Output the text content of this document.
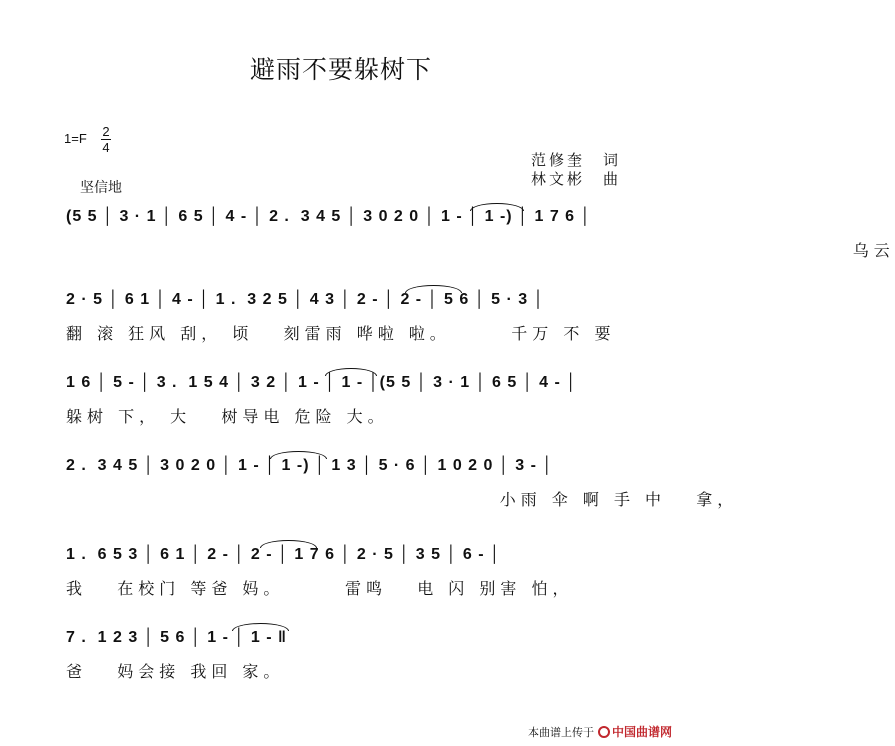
避雨不要躲树下
1=F 2
4
坚信地
范修奎　词
林文彬　曲
(5 5 │ 3 · 1 │ 6 5 │ 4 - │ 2 .  3 4 5 │ 3 0 2 0 │ 1 - │ 1 -) │ 1 7 6 │
乌云
2 · 5 │ 6 1 │ 4 - │ 1 .  3 2 5 │ 4 3 │ 2 - │ 2 - │ 5 6 │ 5 · 3 │
翻 滚 狂风 刮， 顷   刻雷雨 哗啦 啦。      千万 不 要
1 6 │ 5 - │ 3 .  1 5 4 │ 3 2 │ 1 - │ 1 - │(5 5 │ 3 · 1 │ 6 5 │ 4 - │
躲树 下， 大   树导电 危险 大。
2 .  3 4 5 │ 3 0 2 0 │ 1 - │ 1 -) │ 1 3 │ 5 · 6 │ 1 0 2 0 │ 3 - │
小雨 伞 啊 手 中   拿，
1 .  6 5 3 │ 6 1 │ 2 - │ 2 - │ 1 7 6 │ 2 · 5 │ 3 5 │ 6 - │
我   在校门 等爸 妈。      雷鸣   电 闪 别害 怕，
7 .  1 2 3 │ 5 6 │ 1 - │ 1 - ‖
爸   妈会接 我回 家。
本曲谱上传于 中国曲谱网
